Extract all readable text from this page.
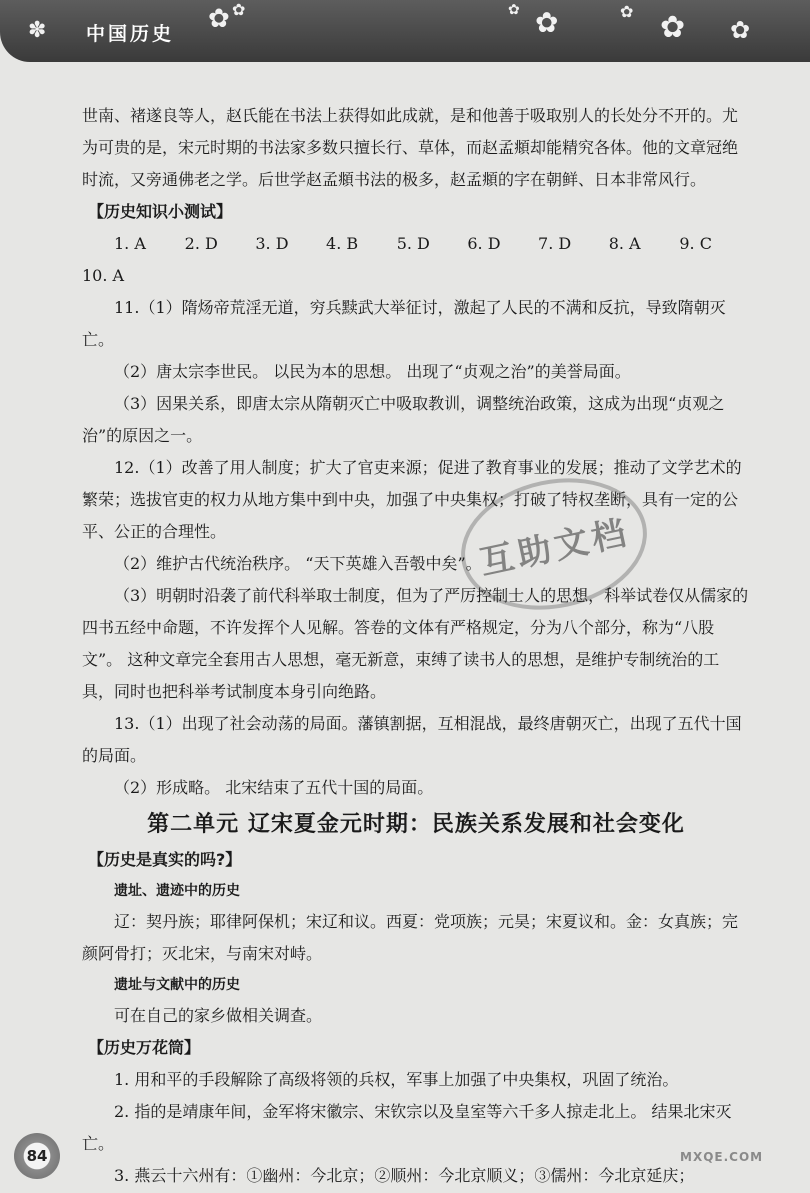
✽	✿ ✿	✿
✿	✿ ✿
✿
中国历史

世南、褚遂良等人，赵氏能在书法上获得如此成就，是和他善于吸取别人的长处分不开的。尤为可贵的是，宋元时期的书法家多数只擅长行、草体，而赵孟頫却能精究各体。他的文章冠绝时流，又旁通佛老之学。后世学赵孟頫书法的极多，赵孟頫的字在朝鲜、日本非常风行。

【历史知识小测试】

1. A	2. D	3. D	4. B	5. D	6. D	7. D	8. A	9. C

10. A

11.（1）隋炀帝荒淫无道，穷兵黩武大举征讨，激起了人民的不满和反抗，导致隋朝灭亡。

（2）唐太宗李世民。 以民为本的思想。 出现了“贞观之治”的美誉局面。

（3）因果关系，即唐太宗从隋朝灭亡中吸取教训，调整统治政策，这成为出现“贞观之治”的原因之一。

12.（1）改善了用人制度；扩大了官吏来源；促进了教育事业的发展；推动了文学艺术的繁荣；选拔官吏的权力从地方集中到中央，加强了中央集权；打破了特权垄断，具有一定的公平、公正的合理性。

（2）维护古代统治秩序。 “天下英雄入吾彀中矣”。

（3）明朝时沿袭了前代科举取士制度，但为了严厉控制士人的思想，科举试卷仅从儒家的四书五经中命题，不许发挥个人见解。答卷的文体有严格规定，分为八个部分，称为“八股文”。 这种文章完全套用古人思想，毫无新意，束缚了读书人的思想，是维护专制统治的工具，同时也把科举考试制度本身引向绝路。

13.（1）出现了社会动荡的局面。藩镇割据，互相混战，最终唐朝灭亡，出现了五代十国的局面。

（2）形成略。 北宋结束了五代十国的局面。

第二单元 辽宋夏金元时期：民族关系发展和社会变化

【历史是真实的吗?】

遗址、遗迹中的历史

辽：契丹族；耶律阿保机；宋辽和议。西夏：党项族；元昊；宋夏议和。金：女真族；完颜阿骨打；灭北宋，与南宋对峙。

遗址与文献中的历史

可在自己的家乡做相关调查。

【历史万花筒】

1. 用和平的手段解除了高级将领的兵权，军事上加强了中央集权，巩固了统治。

2. 指的是靖康年间，金军将宋徽宗、宋钦宗以及皇室等六千多人掠走北上。 结果北宋灭亡。

3. 燕云十六州有：①幽州：今北京；②顺州：今北京顺义；③儒州：今北京延庆；

互助文档
84	MXQE.COM
